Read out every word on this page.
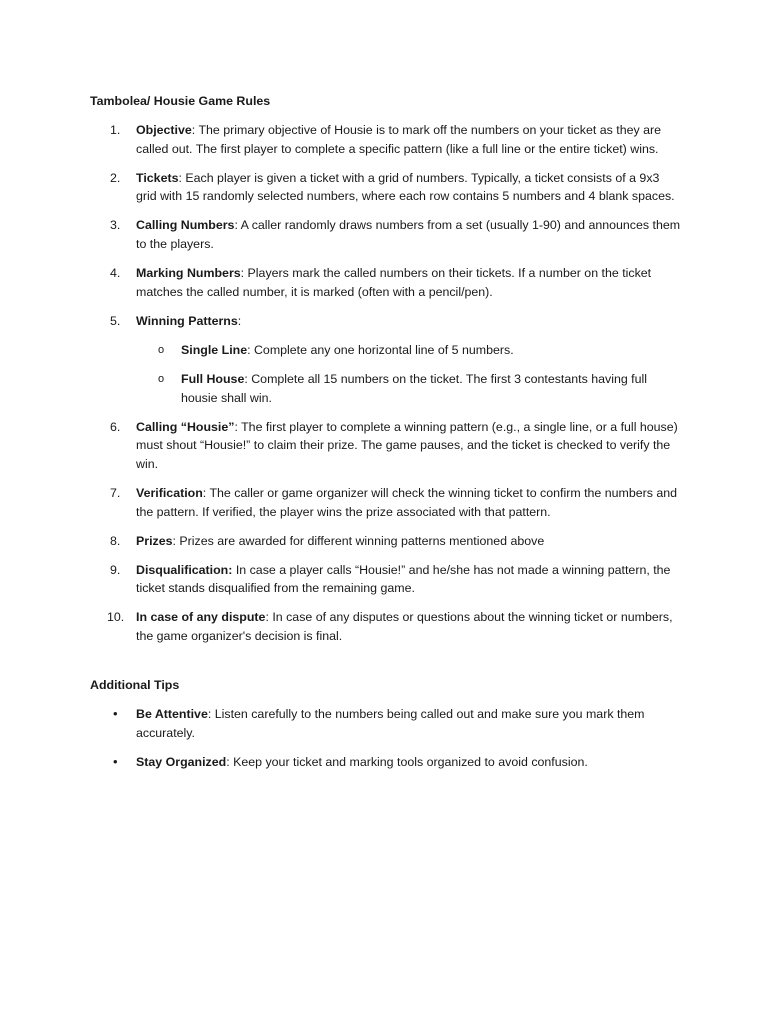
Tambolea/ Housie Game Rules

1. Objective: The primary objective of Housie is to mark off the numbers on your ticket as they are called out. The first player to complete a specific pattern (like a full line or the entire ticket) wins.
2. Tickets: Each player is given a ticket with a grid of numbers. Typically, a ticket consists of a 9x3 grid with 15 randomly selected numbers, where each row contains 5 numbers and 4 blank spaces.
3. Calling Numbers: A caller randomly draws numbers from a set (usually 1-90) and announces them to the players.
4. Marking Numbers: Players mark the called numbers on their tickets. If a number on the ticket matches the called number, it is marked (often with a pencil/pen).
5. Winning Patterns:
o Single Line: Complete any one horizontal line of 5 numbers.
o Full House: Complete all 15 numbers on the ticket. The first 3 contestants having full housie shall win.
6. Calling “Housie”: The first player to complete a winning pattern (e.g., a single line, or a full house) must shout “Housie!” to claim their prize. The game pauses, and the ticket is checked to verify the win.
7. Verification: The caller or game organizer will check the winning ticket to confirm the numbers and the pattern. If verified, the player wins the prize associated with that pattern.
8. Prizes: Prizes are awarded for different winning patterns mentioned above
9. Disqualification: In case a player calls “Housie!” and he/she has not made a winning pattern, the ticket stands disqualified from the remaining game.
10. In case of any dispute: In case of any disputes or questions about the winning ticket or numbers, the game organizer's decision is final.

Additional Tips

• Be Attentive: Listen carefully to the numbers being called out and make sure you mark them accurately.
• Stay Organized: Keep your ticket and marking tools organized to avoid confusion.
